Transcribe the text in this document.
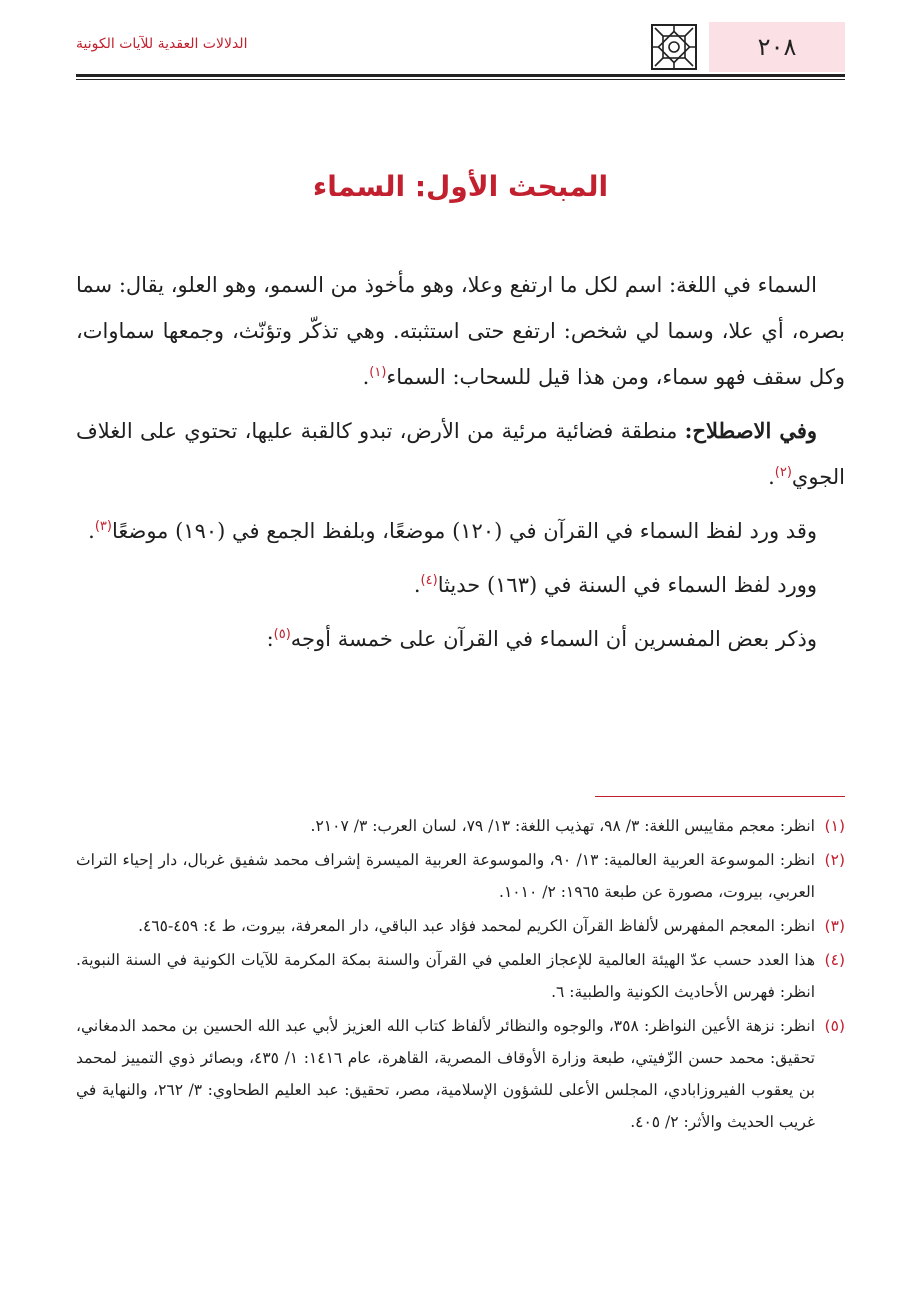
٢٠٨
الدلالات العقدية للآيات الكونية
المبحث الأول: السماء

السماء في اللغة: اسم لكل ما ارتفع وعلا، وهو مأخوذ من السمو، وهو العلو، يقال: سما بصره، أي علا، وسما لي شخص: ارتفع حتى استثبته. وهي تذكّر وتؤنّث، وجمعها سماوات، وكل سقف فهو سماء، ومن هذا قيل للسحاب: السماء$^{(١)}$.

وفي الاصطلاح: منطقة فضائية مرئية من الأرض، تبدو كالقبة عليها، تحتوي على الغلاف الجوي$^{(٢)}$.

وقد ورد لفظ السماء في القرآن في (١٢٠) موضعًا، وبلفظ الجمع في (١٩٠) موضعًا$^{(٣)}$.

وورد لفظ السماء في السنة في (١٦٣) حديثا$^{(٤)}$.

وذكر بعض المفسرين أن السماء في القرآن على خمسة أوجه$^{(٥)}$:

(١)
انظر: معجم مقاييس اللغة: ٣/ ٩٨، تهذيب اللغة: ١٣/ ٧٩، لسان العرب: ٣/ ٢١٠٧.
(٢)
انظر: الموسوعة العربية العالمية: ١٣/ ٩٠، والموسوعة العربية الميسرة إشراف محمد شفيق غربال، دار إحياء التراث العربي، بيروت، مصورة عن طبعة ١٩٦٥: ٢/ ١٠١٠.
(٣)
انظر: المعجم المفهرس لألفاظ القرآن الكريم لمحمد فؤاد عبد الباقي، دار المعرفة، بيروت، ط ٤: ٤٥٩-٤٦٥.
(٤)
هذا العدد حسب عدّ الهيئة العالمية للإعجاز العلمي في القرآن والسنة بمكة المكرمة للآيات الكونية في السنة النبوية. انظر: فهرس الأحاديث الكونية والطبية: ٦.
(٥)
انظر: نزهة الأعين النواظر: ٣٥٨، والوجوه والنظائر لألفاظ كتاب الله العزيز لأبي عبد الله الحسين بن محمد الدمغاني، تحقيق: محمد حسن الزّفيتي، طبعة وزارة الأوقاف المصرية، القاهرة، عام ١٤١٦: ١/ ٤٣٥، وبصائر ذوي التمييز لمحمد بن يعقوب الفيروزابادي، المجلس الأعلى للشؤون الإسلامية، مصر، تحقيق: عبد العليم الطحاوي: ٣/ ٢٦٢، والنهاية في غريب الحديث والأثر: ٢/ ٤٠٥.
